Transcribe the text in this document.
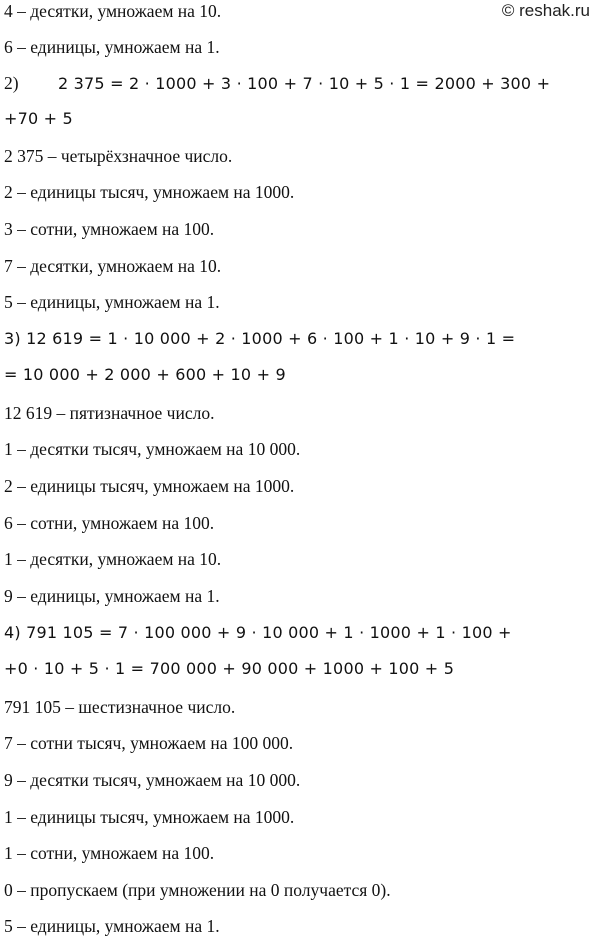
© reshak.ru
4 – десятки, умножаем на 10.
6 – единицы, умножаем на 1.
2) 2 375 = 2 · 1000 + 3 · 100 + 7 · 10 + 5 · 1 = 2000 + 300 +
+70 + 5
2 375 – четырёхзначное число.
2 – единицы тысяч, умножаем на 1000.
3 – сотни, умножаем на 100.
7 – десятки, умножаем на 10.
5 – единицы, умножаем на 1.
3) 12 619 = 1 · 10 000 + 2 · 1000 + 6 · 100 + 1 · 10 + 9 · 1 =
= 10 000 + 2 000 + 600 + 10 + 9
12 619 – пятизначное число.
1 – десятки тысяч, умножаем на 10 000.
2 – единицы тысяч, умножаем на 1000.
6 – сотни, умножаем на 100.
1 – десятки, умножаем на 10.
9 – единицы, умножаем на 1.
4) 791 105 = 7 · 100 000 + 9 · 10 000 + 1 · 1000 + 1 · 100 +
+0 · 10 + 5 · 1 = 700 000 + 90 000 + 1000 + 100 + 5
791 105 – шестизначное число.
7 – сотни тысяч, умножаем на 100 000.
9 – десятки тысяч, умножаем на 10 000.
1 – единицы тысяч, умножаем на 1000.
1 – сотни, умножаем на 100.
0 – пропускаем (при умножении на 0 получается 0).
5 – единицы, умножаем на 1.
